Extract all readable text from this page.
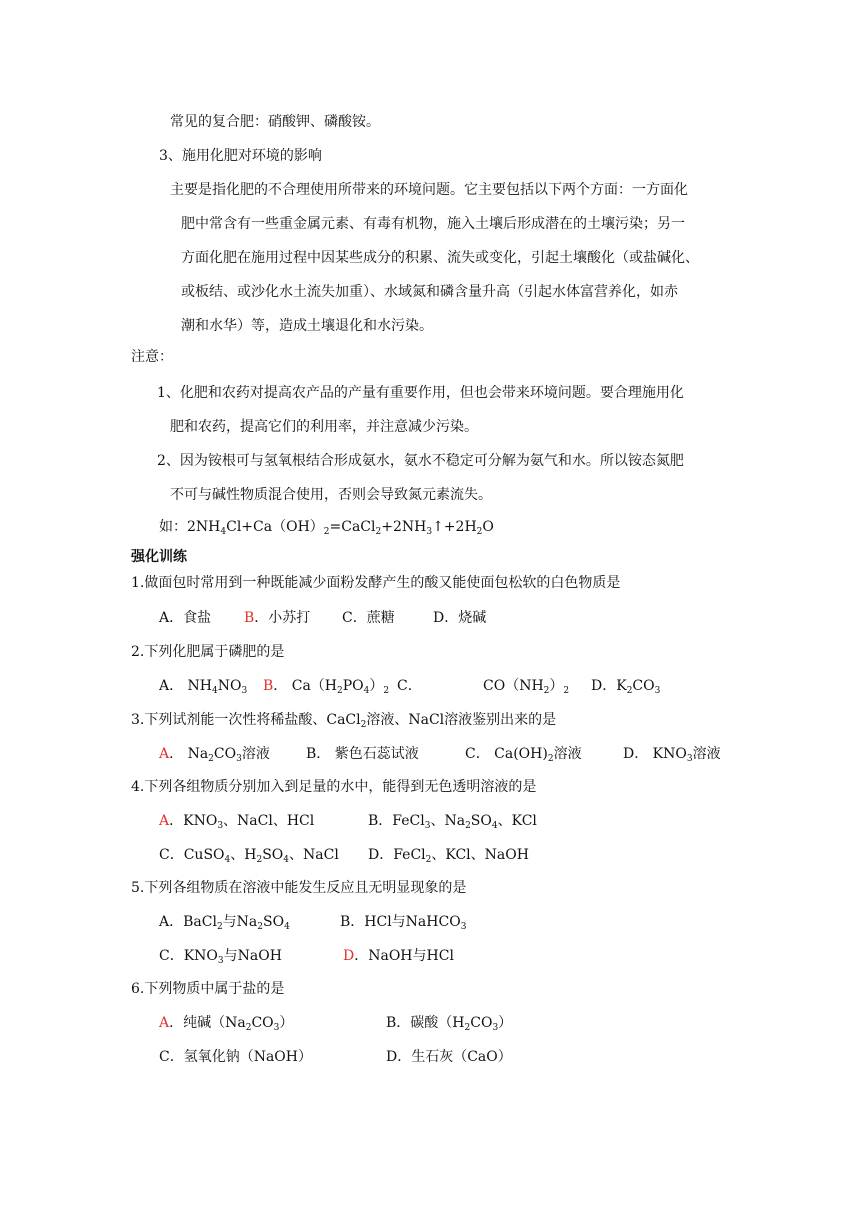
常见的复合肥：硝酸钾、磷酸铵。
3、施用化肥对环境的影响
主要是指化肥的不合理使用所带来的环境问题。它主要包括以下两个方面：一方面化
肥中常含有一些重金属元素、有毒有机物，施入土壤后形成潜在的土壤污染；另一
方面化肥在施用过程中因某些成分的积累、流失或变化，引起土壤酸化（或盐碱化、
或板结、或沙化水土流失加重）、水域氮和磷含量升高（引起水体富营养化，如赤
潮和水华）等，造成土壤退化和水污染。
注意：
1、化肥和农药对提高农产品的产量有重要作用，但也会带来环境问题。要合理施用化
肥和农药，提高它们的利用率，并注意减少污染。
2、因为铵根可与氢氧根结合形成氨水，氨水不稳定可分解为氨气和水。所以铵态氮肥
不可与碱性物质混合使用，否则会导致氮元素流失。
如：$2NH_4Cl+Ca(OH)_2=CaCl_2+2NH_3↑+2H_2O$
强化训练
1.做面包时常用到一种既能减少面粉发酵产生的酸又能使面包松软的白色物质是
A．食盐 B．小苏打 C．蔗糖	D．烧碱
2.下列化肥属于磷肥的是
A． $NH_4NO_3$ B． $Ca(H_2PO_4)_2$ C．	$CO(NH_2)_2$ D．$K_2CO_3$
3.下列试剂能一次性将稀盐酸、CaCl$_2$溶液、NaCl溶液鉴别出来的是
A． $Na_2CO_3$溶液	B． 紫色石蕊试液	C． $Ca(OH)_2$溶液	D． $KNO_3$溶液
4.下列各组物质分别加入到足量的水中，能得到无色透明溶液的是
A．$KNO_3$、NaCl、HCl	B．FeCl$_3$、$Na_2SO_4$、KCl
C．CuSO$_4$、$H_2SO_4$、NaCl D．FeCl$_2$、KCl、NaOH
5.下列各组物质在溶液中能发生反应且无明显现象的是
A．BaCl$_2$与$Na_2SO_4$	B．HCl与NaHCO$_3$
C．$KNO_3$与NaOH	D．NaOH与HCl
6.下列物质中属于盐的是
A．纯碱$(Na_2CO_3)$	B．碳酸$(H_2CO_3)$
C．氢氧化钠（NaOH）	D．生石灰（CaO）
